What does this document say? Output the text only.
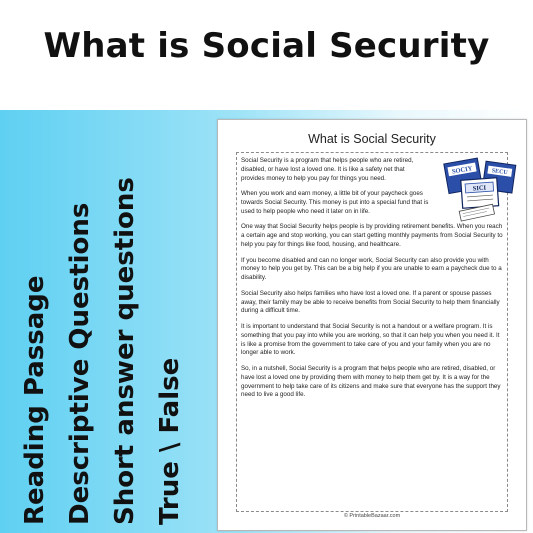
What is Social Security
Reading Passage Descriptive Questions Short answer questions True \ False
What is Social Security
SOCIY	SECU
SICI

Social Security is a program that helps people who are retired, disabled, or have lost a loved one. It is like a safety net that provides money to help you pay for things you need.

When you work and earn money, a little bit of your paycheck goes towards Social Security. This money is put into a special fund that is used to help people who need it later on in life.

One way that Social Security helps people is by providing retirement benefits. When you reach a certain age and stop working, you can start getting monthly payments from Social Security to help you pay for things like food, housing, and healthcare.

If you become disabled and can no longer work, Social Security can also provide you with money to help you get by. This can be a big help if you are unable to earn a paycheck due to a disability.

Social Security also helps families who have lost a loved one. If a parent or spouse passes away, their family may be able to receive benefits from Social Security to help them financially during a difficult time.

It is important to understand that Social Security is not a handout or a welfare program. It is something that you pay into while you are working, so that it can help you when you need it. It is like a promise from the government to take care of you and your family when you are no longer able to work.

So, in a nutshell, Social Security is a program that helps people who are retired, disabled, or have lost a loved one by providing them with money to help them get by. It is a way for the government to help take care of its citizens and make sure that everyone has the support they need to live a good life.

© PrintableBazaar.com
